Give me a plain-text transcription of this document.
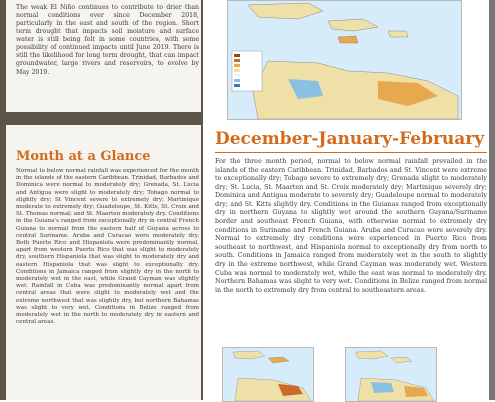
The weak El Niño continues to contribute to drier than normal conditions ever since December 2018, particularly in the east and south of the region. Short term drought that impacts soil moisture and surface water is still being felt in some countries, with some possibility of continued impacts until June 2019. There is still the likelihood for long term drought, that can impact groundwater, large rivers and reservoirs, to evolve by May 2019.
Month at a Glance
Normal to below normal rainfall was experienced for the month in the islands of the eastern Caribbean. Trinidad, Barbados and Dominica were normal to moderately dry; Grenada, St. Lucia and Antigua were slight to moderately dry; Tobago normal to slightly dry; St Vincent severe to extremely dry; Martinique moderate to extremely dry; Guadeloupe, St. Kitts, St. Croix and St. Thomas normal; and St. Maarten moderately dry. Conditions in the Guiana's ranged from exceptionally dry in central French Guiana to normal from the eastern half of Guyana across to central Suriname. Aruba and Curacao were moderately dry. Both Puerto Rico and Hispaniola were predominantly normal, apart from western Puerto Rico that was slight to moderately dry, southern Hispaniola that was slight to moderately dry and eastern Hispaniola that was slight to exceptionally dry. Conditions in Jamaica ranged from slightly dry in the north to moderately wet in the east, while Grand Cayman was slightly wet. Rainfall in Cuba was predominantly normal apart from central areas that were slight to moderately wet and the extreme northwest that was slightly dry, but northern Bahamas was slight to very wet. Conditions in Belize ranged from moderately wet in the north to moderately dry in eastern and central areas.
December-January-February
For the three month period, normal to below normal rainfall prevailed in the islands of the eastern Caribbean. Trinidad, Barbados and St. Vincent were extreme to exceptionally dry; Tobago severe to extremely dry; Grenada slight to moderately dry; St. Lucia, St. Maarten and St. Croix moderately dry; Martinique severely dry; Dominica and Antigua moderate to severely dry; Guadeloupe normal to moderately dry; and St. Kitts slightly dry. Conditions in the Guianas ranged from exceptionally dry in northern Guyana to slightly wet around the southern Guyana/Suriname border and southeast French Guiana, with otherwise normal to extremely dry conditions in Suriname and French Guiana. Aruba and Curacao were severely dry. Normal to extremely dry conditions were experienced in Puerto Rico from southeast to northwest, and Hispaniola normal to exceptionally dry from north to south. Conditions in Jamaica ranged from moderately wet in the south to slightly dry in the extreme northwest, while Grand Cayman was moderately wet. Western Cuba was normal to moderately wet, while the east was normal to moderately dry. Northern Bahamas was slight to very wet. Conditions in Belize ranged from normal in the north to extremely dry from central to southeastern areas.
